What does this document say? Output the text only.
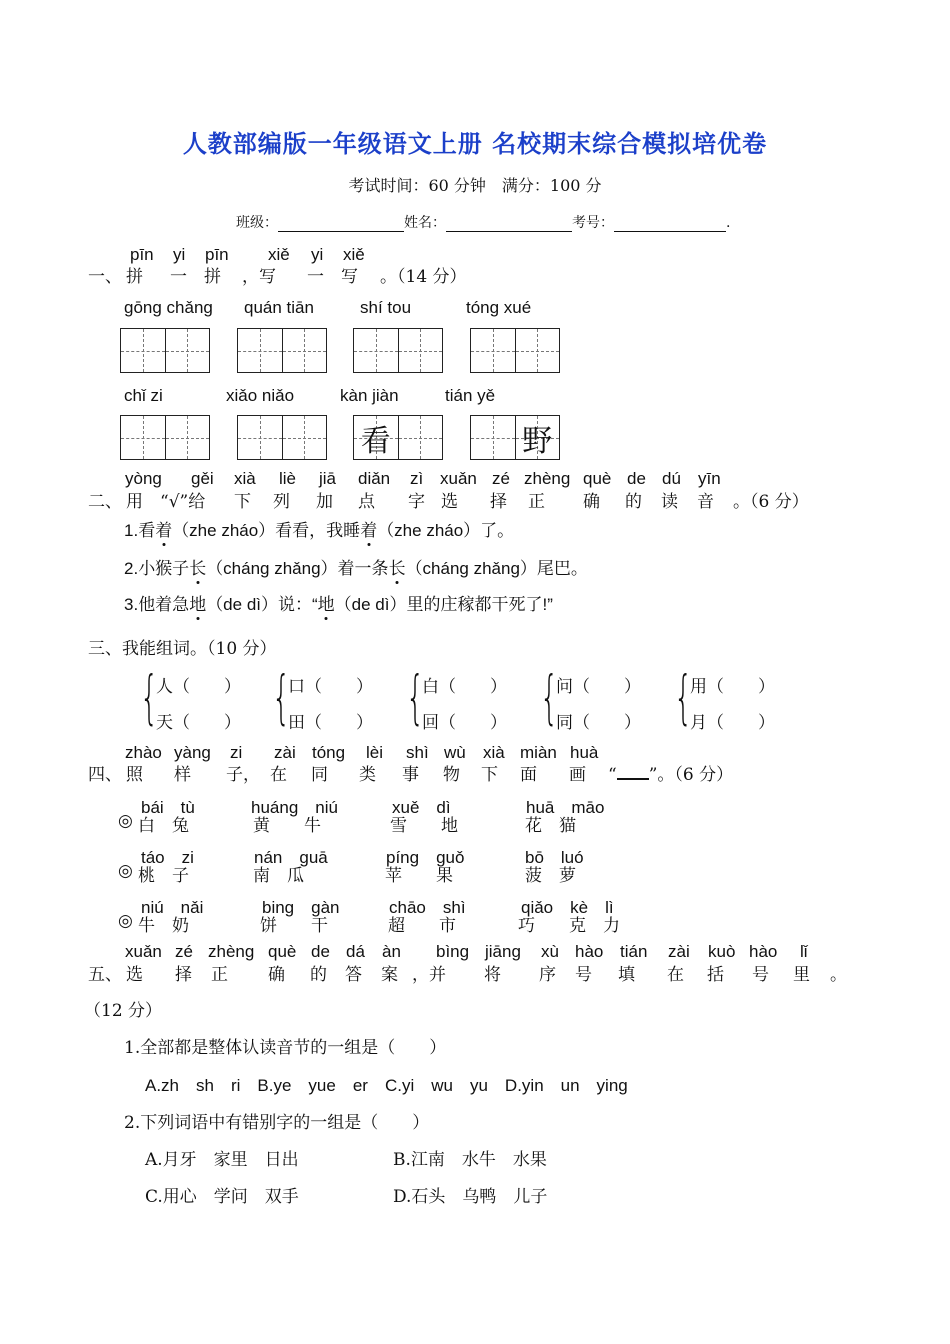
人教部编版一年级语文上册 名校期末综合模拟培优卷
考试时间：60 分钟　满分：100 分
班级：	姓名：	考号：	.
pīn yi pīn xiě yi xiě
一、 拼 一 拼 ，写 一 写 。（14 分）
gōng chǎng quán tiān	shí tou	tóng xué
chǐ zi	xiǎo niǎo	kàn jiàn	tián yě
看	野
yòng gěi xià liè jiā diǎn zì xuǎn zé zhèng què de dú yīn
二、 用 “√”给 下 列 加 点 字 选 择 正 确 的 读 音 。（6 分）
1.看着（zhe zháo）看看，我睡着（zhe zháo）了。
2.小猴子长（cháng zhǎng）着一条长（cháng zhǎng）尾巴。
3.他着急地（de dì）说：“地（de dì）里的庄稼都干死了!”
三、我能组词。（10 分）
{
人（　　）
天（　　） {
口（　　）
田（　　） {
白（　　）
回（　　） {
问（　　）
同（　　） {
用（　　）
月（　　）
zhào yàng zi zài tóng lèi shì wù xià miàn huà
四、 照 样 子， 在 同 类 事 物 下 面 画 “ ”。（6 分）
bái　tù	huáng　niú	xuě　dì	huā　māo
◎ 白　兔	黄　　牛	雪　　地	花　猫
táo　zi	nán　guā	píng　guǒ	bō　luó
◎ 桃　子	南　瓜	苹　　果	菠　萝
niú　nǎi	bing　gàn	chāo　shì	qiǎo　kè　lì
◎ 牛　奶	饼　　干	超　　市	巧　　克　力
xuǎn zé zhèng què de dá àn bìng jiāng xù hào tián zài kuò hào lǐ
五、 选 择 正 确 的 答 案 ，并 将 序 号 填 在 括 号 里 。
（12 分）
1.全部都是整体认读音节的一组是（　　）
A.zh　sh　ri　B.ye　yue　er　C.yi　wu　yu　D.yin　un　ying
2.下列词语中有错别字的一组是（　　）
A.月牙　家里　日出	B.江南　水牛　水果
C.用心　学问　双手	D.石头　乌鸭　儿子
